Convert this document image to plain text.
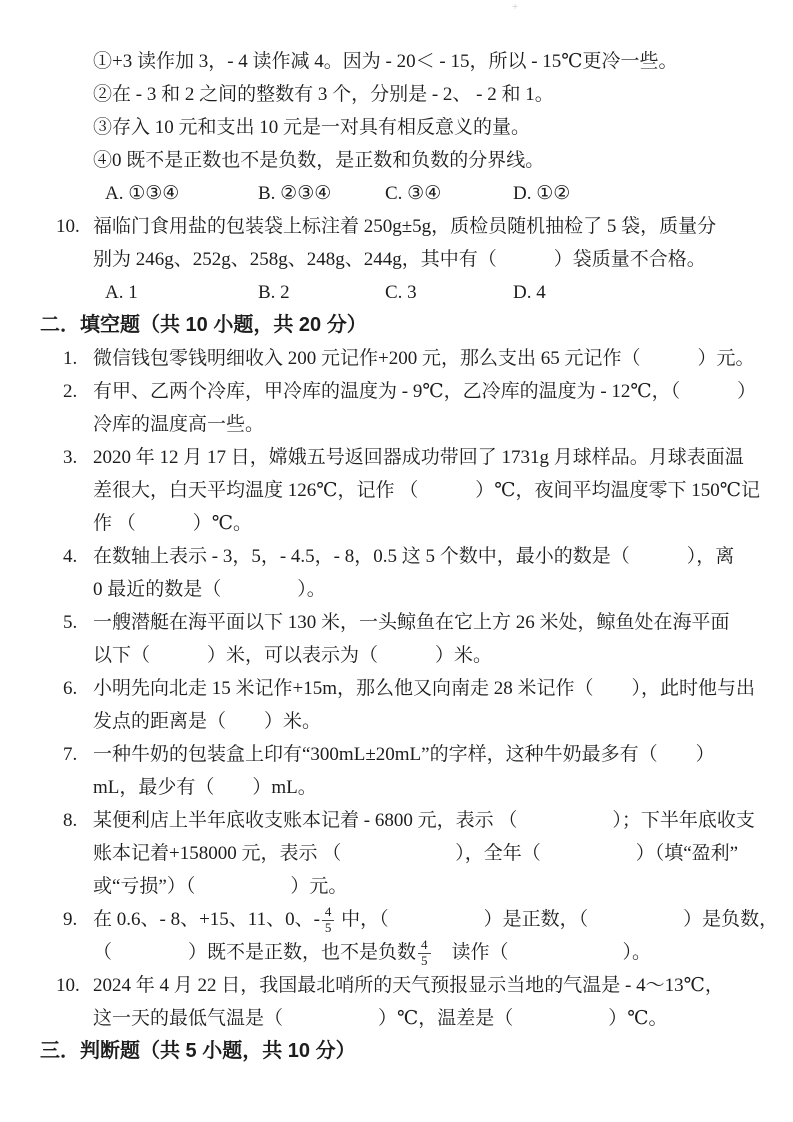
+
①+3 读作加 3，- 4 读作减 4。因为 - 20＜ - 15，所以 - 15℃更冷一些。
②在 - 3 和 2 之间的整数有 3 个，分别是 - 2、 - 2 和 1。
③存入 10 元和支出 10 元是一对具有相反意义的量。
④0 既不是正数也不是负数，是正数和负数的分界线。
A. ①③④	B. ②③④	C. ③④	D. ①②
10. 福临门食用盐的包装袋上标注着 250g±5g，质检员随机抽检了 5 袋，质量分
别为 246g、252g、258g、248g、244g，其中有（　　　）袋质量不合格。
A. 1	B. 2	C. 3	D. 4
二．填空题（共 10 小题，共 20 分）
1. 微信钱包零钱明细收入 200 元记作+200 元，那么支出 65 元记作（　　　）元。
2. 有甲、乙两个冷库，甲冷库的温度为 - 9℃，乙冷库的温度为 - 12℃，（　　　）
冷库的温度高一些。
3. 2020 年 12 月 17 日，嫦娥五号返回器成功带回了 1731g 月球样品。月球表面温
差很大，白天平均温度 126℃，记作 （　　　）℃，夜间平均温度零下 150℃记
作 （　　　）℃。
4. 在数轴上表示 - 3，5，- 4.5，- 8，0.5 这 5 个数中，最小的数是（　　　），离
0 最近的数是（　　　　）。
5. 一艘潜艇在海平面以下 130 米，一头鲸鱼在它上方 26 米处，鲸鱼处在海平面
以下（　　　）米，可以表示为（　　　）米。
6. 小明先向北走 15 米记作+15m，那么他又向南走 28 米记作（　　），此时他与出
发点的距离是（　　）米。
7. 一种牛奶的包装盒上印有“300mL±20mL”的字样，这种牛奶最多有（　　）
mL，最少有（　　）mL。
8. 某便利店上半年底收支账本记着 - 6800 元，表示 （　　　　　）；下半年底收支
账本记着+158000 元，表示 （　　　　　　），全年（　　　　　）（填“盈利”
或“亏损”）（　　　　　）元。
9. 在 0.6、- 8、+15、11、0、- $\frac{4}{5}$ 中，（　　　　　）是正数，（　　　　　）是负数，
（　　　　）既不是正数，也不是负数 $\frac{4}{5}$ 　读作（　　　　　　）。
10. 2024 年 4 月 22 日，我国最北哨所的天气预报显示当地的气温是 - 4～13℃，
这一天的最低气温是（　　　　　）℃，温差是（　　　　　）℃。
三．判断题（共 5 小题，共 10 分）
